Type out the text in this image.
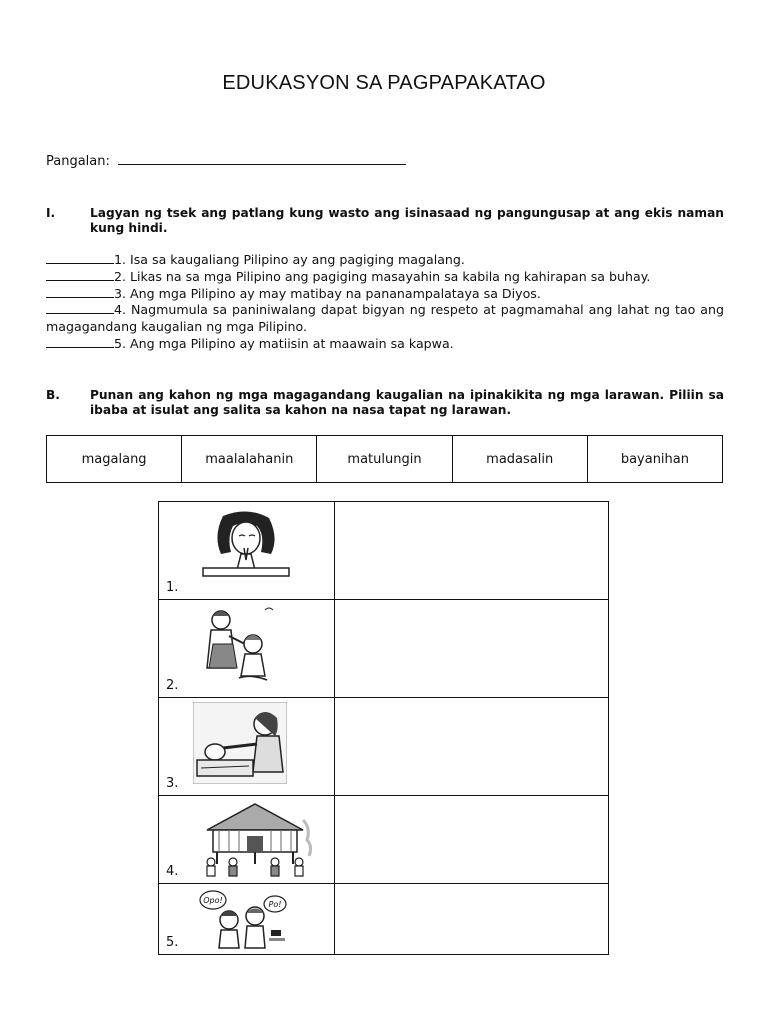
EDUKASYON SA PAGPAPAKATAO
Pangalan:
I.	Lagyan ng tsek ang patlang kung wasto ang isinasaad ng pangungusap at ang ekis naman kung hindi.
1. Isa sa kaugaliang Pilipino ay ang pagiging magalang.
2. Likas na sa mga Pilipino ang pagiging masayahin sa kabila ng kahirapan sa buhay.
3. Ang mga Pilipino ay may matibay na pananampalataya sa Diyos.
4. Nagmumula sa paniniwalang dapat bigyan ng respeto at pagmamahal ang lahat ng tao ang magagandang kaugalian ng mga Pilipino.
5. Ang mga Pilipino ay matiisin at maawain sa kapwa.
B. Punan ang kahon ng mga magagandang kaugalian na ipinakikita ng mga larawan. Piliin sa ibaba at isulat ang salita sa kahon na nasa tapat ng larawan.
magalang	maalalahanin	matulungin	madasalin	bayanihan
1.
2.
3.
4.
Opo!	Po!
5.
